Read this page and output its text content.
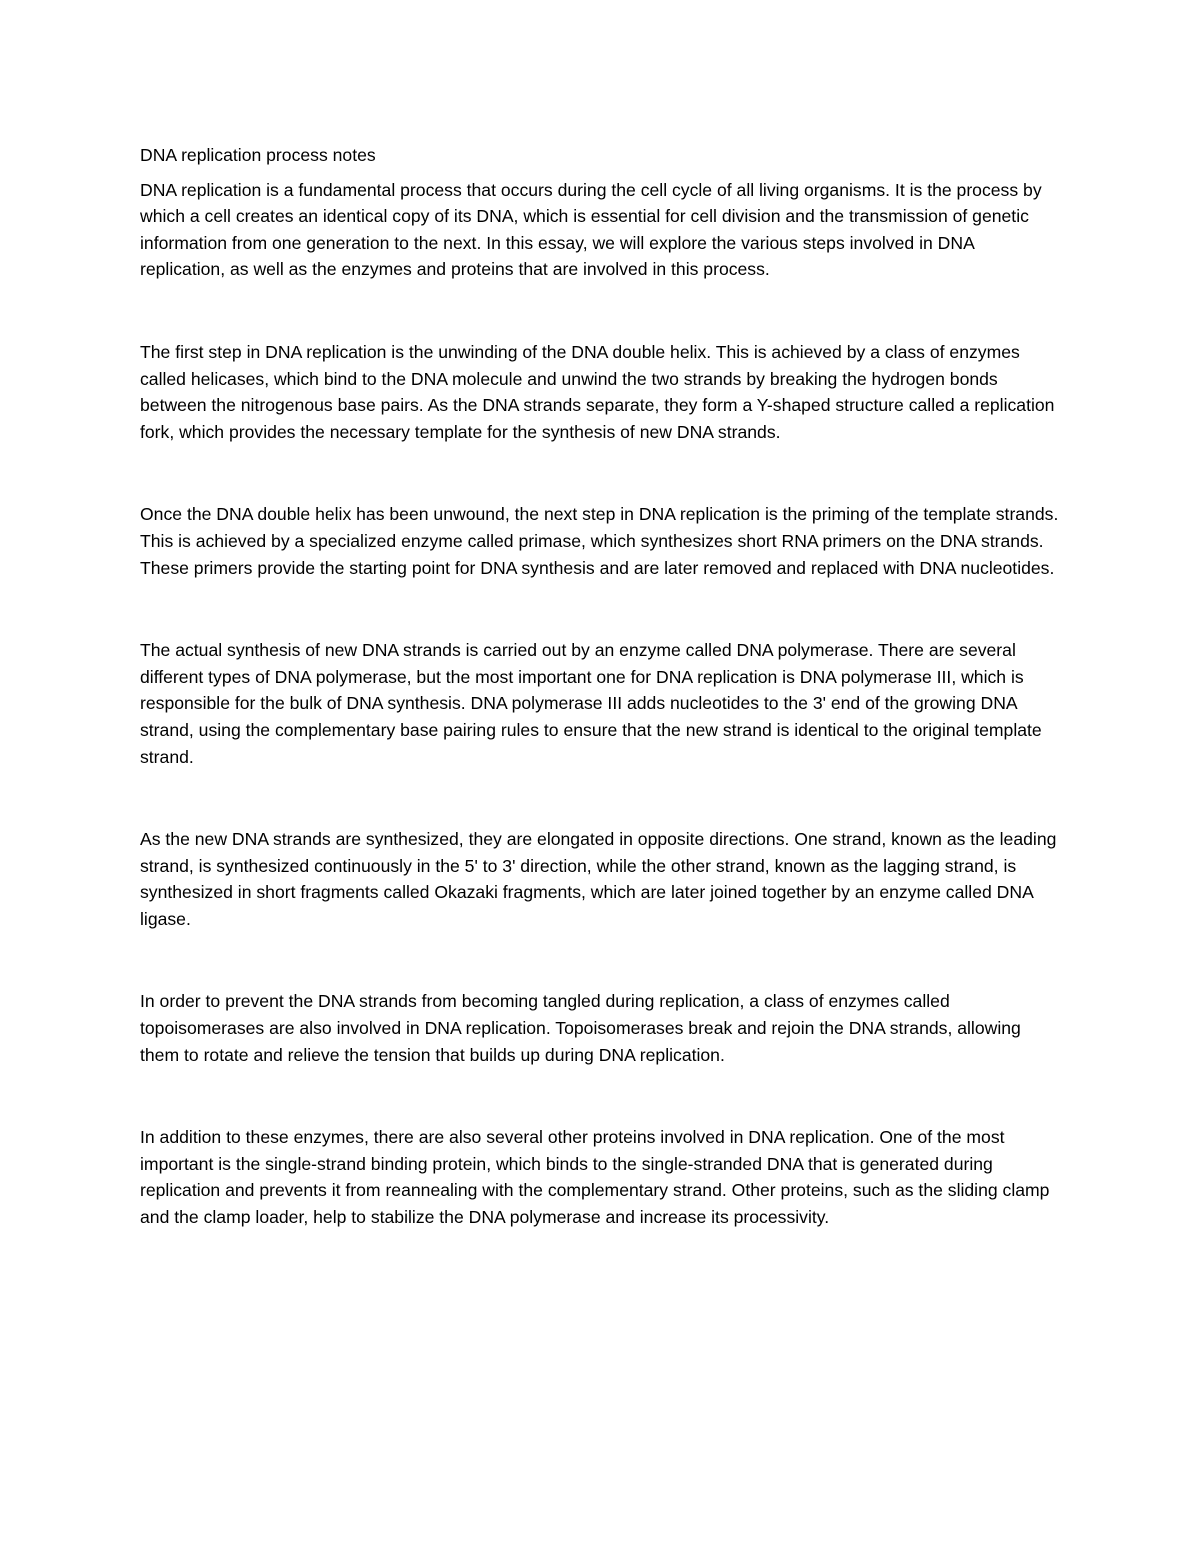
DNA replication process notes

DNA replication is a fundamental process that occurs during the cell cycle of all living organisms. It is the process by which a cell creates an identical copy of its DNA, which is essential for cell division and the transmission of genetic information from one generation to the next. In this essay, we will explore the various steps involved in DNA replication, as well as the enzymes and proteins that are involved in this process.

The first step in DNA replication is the unwinding of the DNA double helix. This is achieved by a class of enzymes called helicases, which bind to the DNA molecule and unwind the two strands by breaking the hydrogen bonds between the nitrogenous base pairs. As the DNA strands separate, they form a Y-shaped structure called a replication fork, which provides the necessary template for the synthesis of new DNA strands.

Once the DNA double helix has been unwound, the next step in DNA replication is the priming of the template strands. This is achieved by a specialized enzyme called primase, which synthesizes short RNA primers on the DNA strands. These primers provide the starting point for DNA synthesis and are later removed and replaced with DNA nucleotides.

The actual synthesis of new DNA strands is carried out by an enzyme called DNA polymerase. There are several different types of DNA polymerase, but the most important one for DNA replication is DNA polymerase III, which is responsible for the bulk of DNA synthesis. DNA polymerase III adds nucleotides to the 3' end of the growing DNA strand, using the complementary base pairing rules to ensure that the new strand is identical to the original template strand.

As the new DNA strands are synthesized, they are elongated in opposite directions. One strand, known as the leading strand, is synthesized continuously in the 5' to 3' direction, while the other strand, known as the lagging strand, is synthesized in short fragments called Okazaki fragments, which are later joined together by an enzyme called DNA ligase.

In order to prevent the DNA strands from becoming tangled during replication, a class of enzymes called topoisomerases are also involved in DNA replication. Topoisomerases break and rejoin the DNA strands, allowing them to rotate and relieve the tension that builds up during DNA replication.

In addition to these enzymes, there are also several other proteins involved in DNA replication. One of the most important is the single-strand binding protein, which binds to the single-stranded DNA that is generated during replication and prevents it from reannealing with the complementary strand. Other proteins, such as the sliding clamp and the clamp loader, help to stabilize the DNA polymerase and increase its processivity.
